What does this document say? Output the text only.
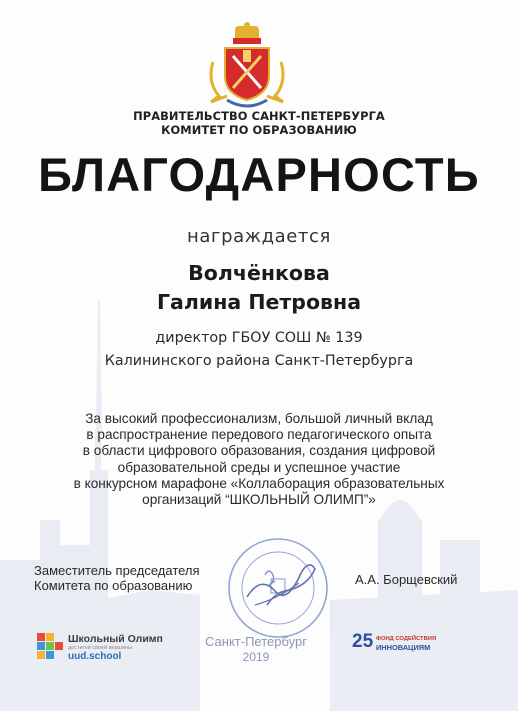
ПРАВИТЕЛЬСТВО САНКТ-ПЕТЕРБУРГА
КОМИТЕТ ПО ОБРАЗОВАНИЮ
БЛАГОДАРНОСТЬ
награждается
Волчёнкова
Галина Петровна
директор ГБОУ СОШ № 139
Калининского района Санкт-Петербурга
За высокий профессионализм, большой личный вклад
в распространение передового педагогического опыта
в области цифрового образования, создания цифровой
образовательной среды и успешное участие
в конкурсном марафоне «Коллаборация образовательных
организаций “ШКОЛЬНЫЙ ОЛИМП”»
Заместитель председателя
Комитета по образованию	А.А. Борщевский
Санкт-Петербург
2019
Школьный Олимп
достигни своей вершины
uud.school
25 ФОНД СОДЕЙСТВИЯ
ИННОВАЦИЯМ
